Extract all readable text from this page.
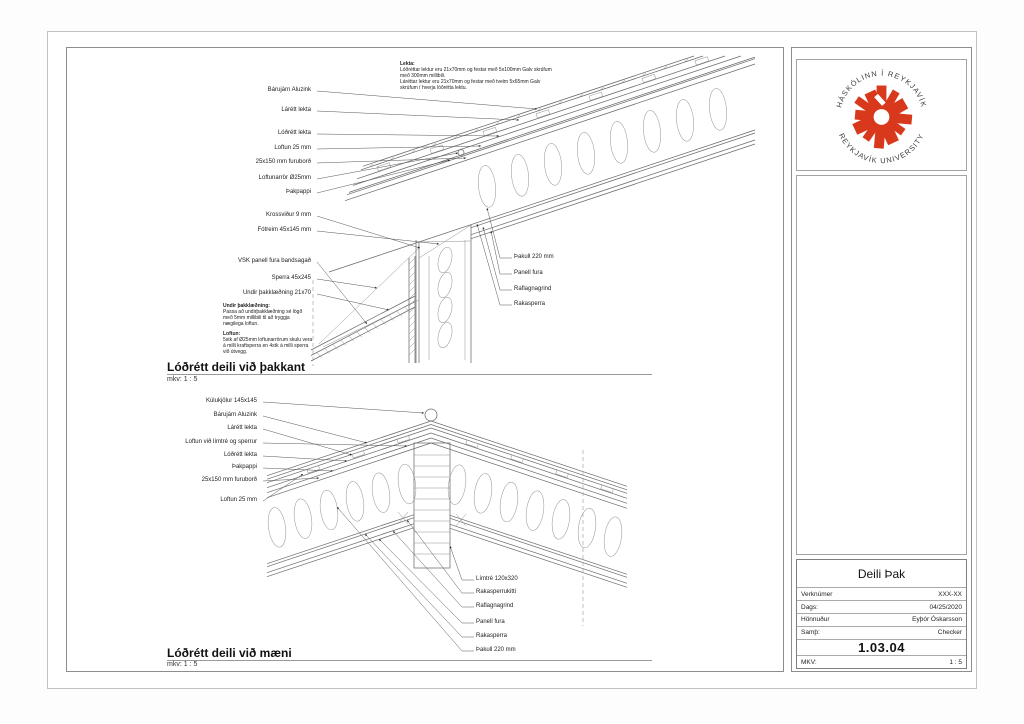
Bárujárn Aluzink
Lárétt lekta
Lóðrétt lekta
Loftun 25 mm
25x150 mm furuborð
Loftunarrör Ø25mm
Þakpappi
Krossviður 9 mm
Fótreim 45x145 mm
VSK panell fura bandsagað
Sperra 45x245
Undir þakklæðning 21x70
Þakull 220 mm
Panell fura
Raflagnagrind
Rakasperra
Lekta:
Lóðréttar lektur eru 21x70mm og festar með 5x100mm Galv skrúfum
með 300mm millibili.
Láréttar lektur eru 21x70mm og festar með tveim 5x65mm Galv
skrúfum í hverja lóðrétta lektu.
Undir þakklæðning:
Passa að undirþakklæðning sé lögð
með 5mm millibili til að tryggja
nægilega loftun.
Loftun:
5stk af Ø25mm loftunarrörum skulu vera
á milli kraftsperra en 4stk á milli sperra
við útvegg.
Lóðrétt deili við þakkant
mkv: 1 : 5
Kúlukjölur 145x145
Bárujárn Aluzink
Lárétt lekta
Loftun við límtré og sperrur
Lóðrétt lekta
Þakpappi
25x150 mm furuborð
Loftun 25 mm
Límtré 120x320
Rakasperrukitti
Raflagnagrind
Panell fura
Rakasperra
Þakull 220 mm
Lóðrétt deili við mæni
mkv: 1 : 5
HÁSKÓLINN Í REYKJAVÍK
REYKJAVÍK UNIVERSITY
Deili Þak
Verknúmer	XXX-XX
Dags:	04/25/2020
Hönnuður	Eyþór Óskarsson
Samþ:	Checker
1.03.04
MKV:	1 : 5
